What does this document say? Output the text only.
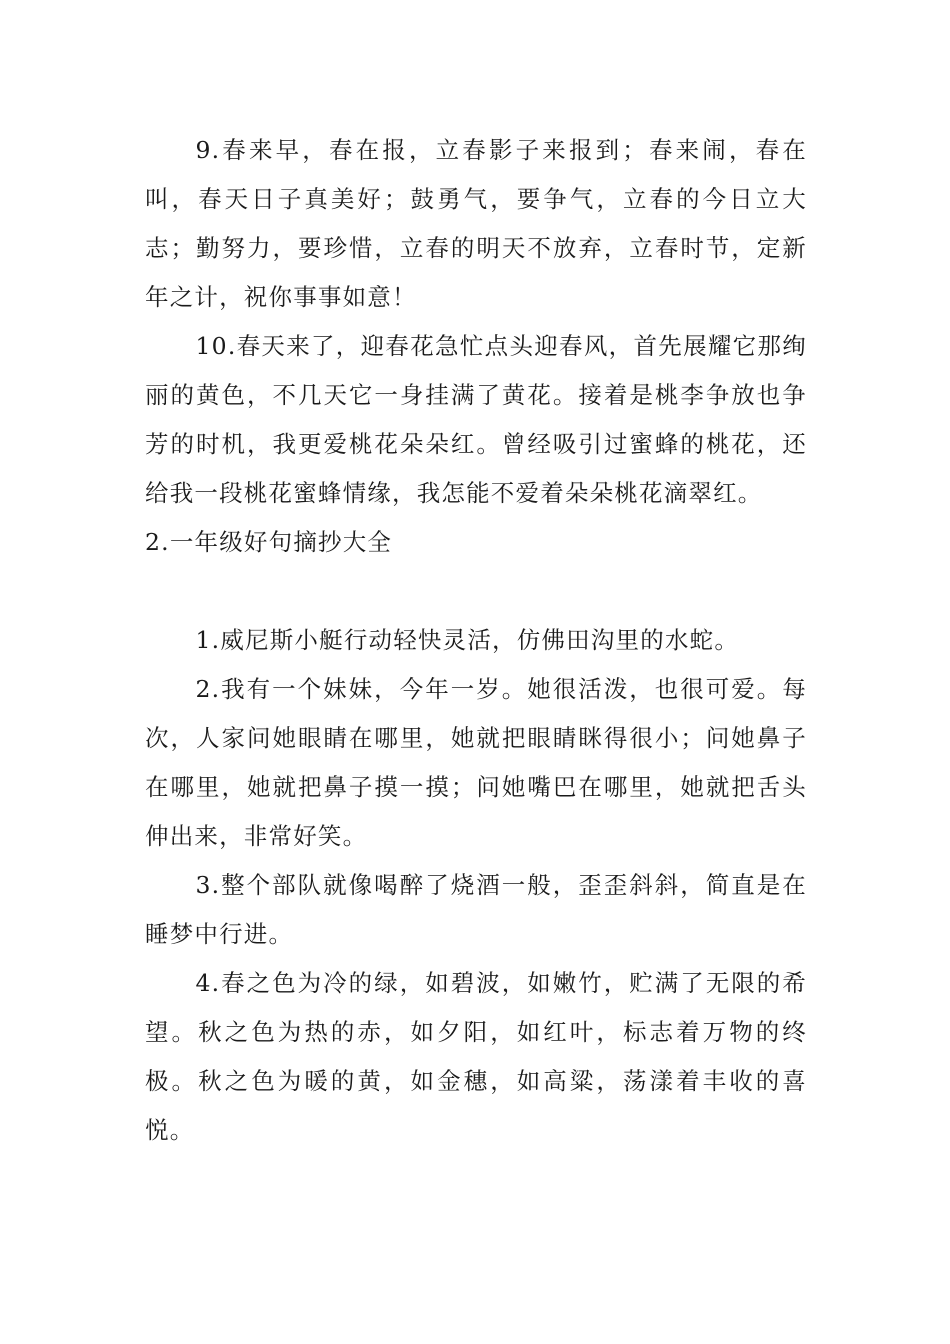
9.春来早，春在报，立春影子来报到；春来闹，春在叫，春天日子真美好；鼓勇气，要争气，立春的今日立大志；勤努力，要珍惜，立春的明天不放弃，立春时节，定新年之计，祝你事事如意！

10.春天来了，迎春花急忙点头迎春风，首先展耀它那绚丽的黄色，不几天它一身挂满了黄花。接着是桃李争放也争芳的时机，我更爱桃花朵朵红。曾经吸引过蜜蜂的桃花，还给我一段桃花蜜蜂情缘，我怎能不爱着朵朵桃花滴翠红。

2.一年级好句摘抄大全

1.威尼斯小艇行动轻快灵活，仿佛田沟里的水蛇。

2.我有一个妹妹，今年一岁。她很活泼，也很可爱。每次，人家问她眼睛在哪里，她就把眼睛眯得很小；问她鼻子在哪里，她就把鼻子摸一摸；问她嘴巴在哪里，她就把舌头伸出来，非常好笑。

3.整个部队就像喝醉了烧酒一般，歪歪斜斜，简直是在睡梦中行进。

4.春之色为冷的绿，如碧波，如嫩竹，贮满了无限的希望。秋之色为热的赤，如夕阳，如红叶，标志着万物的终极。秋之色为暖的黄，如金穗，如高粱，荡漾着丰收的喜悦。
